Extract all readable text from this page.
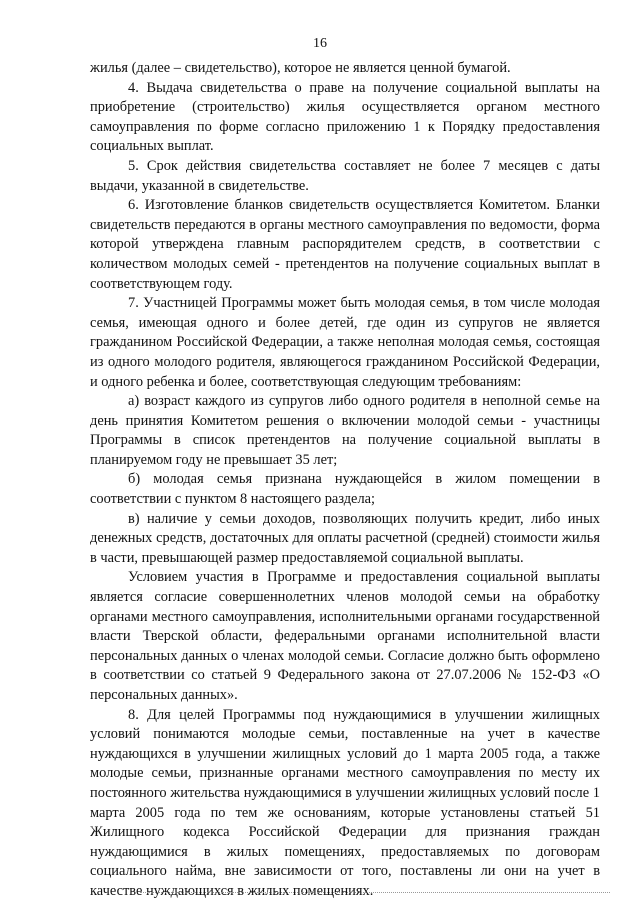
16

жилья (далее – свидетельство), которое не является ценной бумагой.

4. Выдача свидетельства о праве на получение социальной выплаты на приобретение (строительство) жилья осуществляется органом местного самоуправления по форме согласно приложению 1 к Порядку предоставления социальных выплат.

5. Срок действия свидетельства составляет не более 7 месяцев с даты выдачи, указанной в свидетельстве.

6. Изготовление бланков свидетельств осуществляется Комитетом. Бланки свидетельств передаются в органы местного самоуправления по ведомости, форма которой утверждена главным распорядителем средств, в соответствии с количеством молодых семей - претендентов на получение социальных выплат в соответствующем году.

7. Участницей Программы может быть молодая семья, в том числе молодая семья, имеющая одного и более детей, где один из супругов не является гражданином Российской Федерации, а также неполная молодая семья, состоящая из одного молодого родителя, являющегося гражданином Российской Федерации, и одного ребенка и более, соответствующая следующим требованиям:

а) возраст каждого из супругов либо одного родителя в неполной семье на день принятия Комитетом решения о включении молодой семьи - участницы Программы в список претендентов на получение социальной выплаты в планируемом году не превышает 35 лет;

б) молодая семья признана нуждающейся в жилом помещении в соответствии с пунктом 8 настоящего раздела;

в) наличие у семьи доходов, позволяющих получить кредит, либо иных денежных средств, достаточных для оплаты расчетной (средней) стоимости жилья в части, превышающей размер предоставляемой социальной выплаты.

Условием участия в Программе и предоставления социальной выплаты является согласие совершеннолетних членов молодой семьи на обработку органами местного самоуправления, исполнительными органами государственной власти Тверской области, федеральными органами исполнительной власти персональных данных о членах молодой семьи. Согласие должно быть оформлено в соответствии со статьей 9 Федерального закона от 27.07.2006 № 152-ФЗ «О персональных данных».

8. Для целей Программы под нуждающимися в улучшении жилищных условий понимаются молодые семьи, поставленные на учет в качестве нуждающихся в улучшении жилищных условий до 1 марта 2005 года, а также молодые семьи, признанные органами местного самоуправления по месту их постоянного жительства нуждающимися в улучшении жилищных условий после 1 марта 2005 года по тем же основаниям, которые установлены статьей 51 Жилищного кодекса Российской Федерации для признания граждан нуждающимися в жилых помещениях, предоставляемых по договорам социального найма, вне зависимости от того, поставлены ли они на учет в качестве нуждающихся в жилых помещениях.
